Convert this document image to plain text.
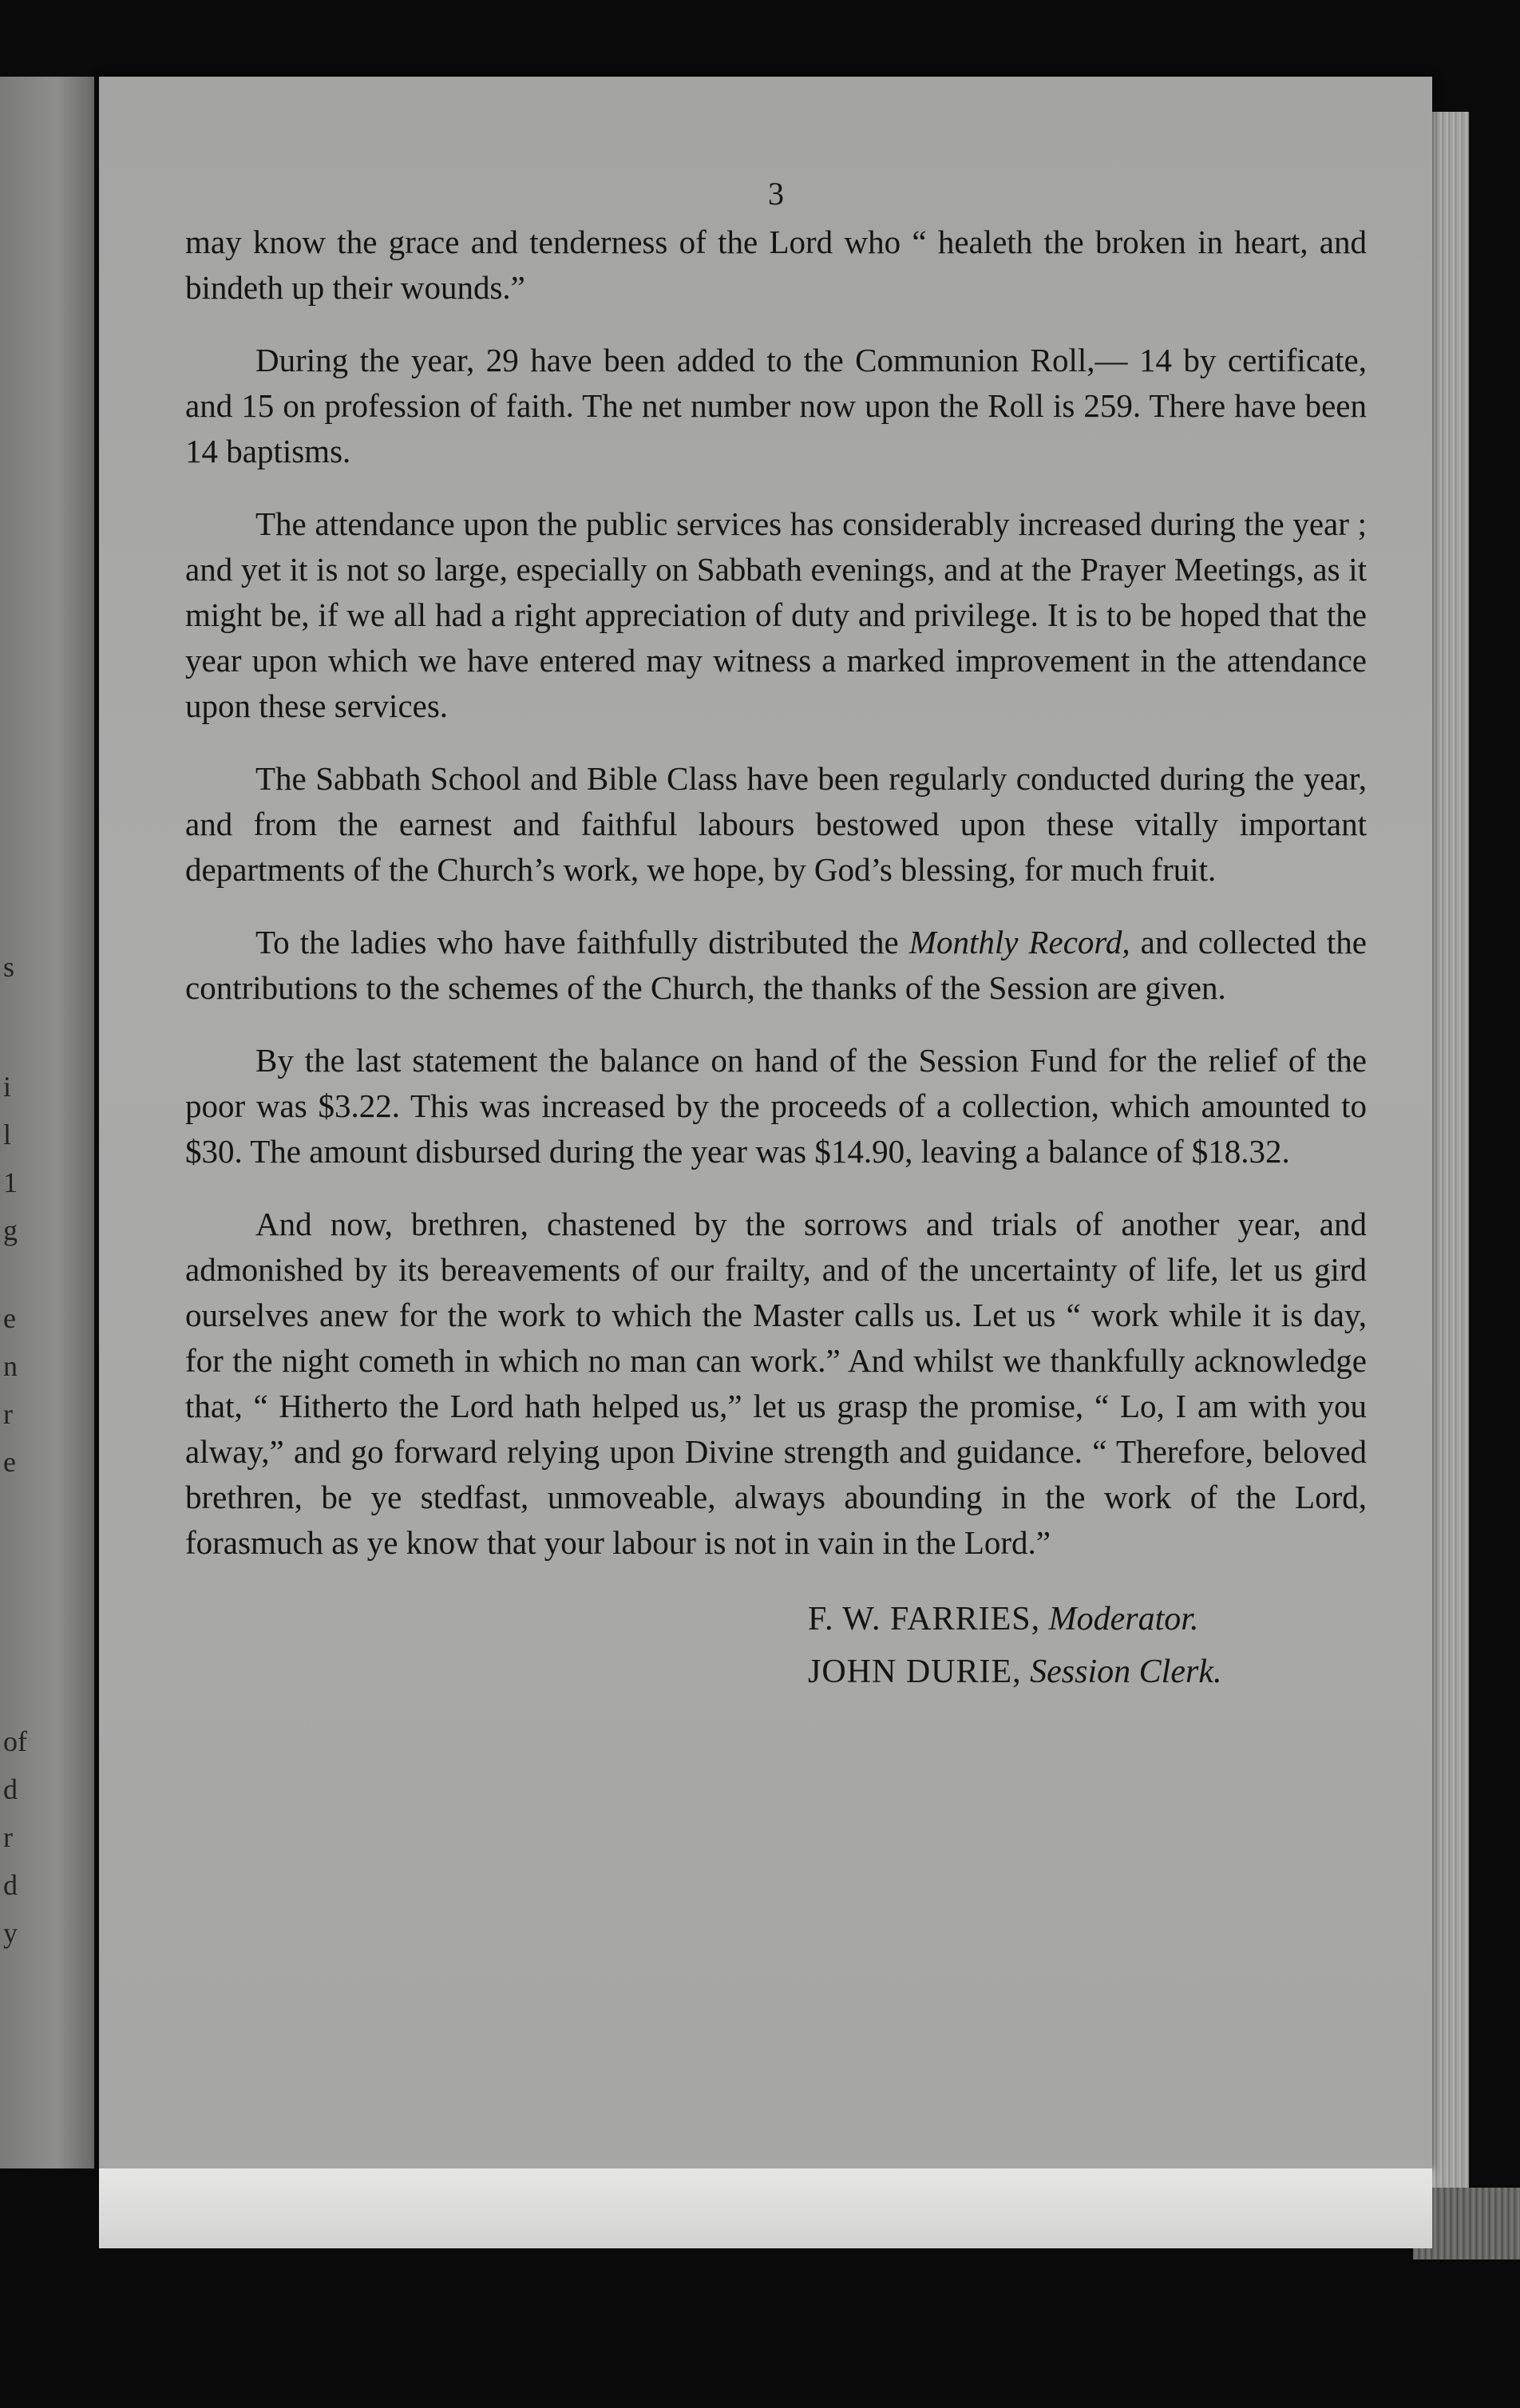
s
i
l
1
g
e
n
r
e
of
d
r
d
y
3

may know the grace and tenderness of the Lord who “ healeth the broken in heart, and bindeth up their wounds.”

During the year, 29 have been added to the Communion Roll,— 14 by certificate, and 15 on profession of faith. The net number now upon the Roll is 259. There have been 14 baptisms.

The attendance upon the public services has considerably increased during the year ; and yet it is not so large, especially on Sabbath evenings, and at the Prayer Meetings, as it might be, if we all had a right appreciation of duty and privilege. It is to be hoped that the year upon which we have entered may witness a marked improvement in the attendance upon these services.

The Sabbath School and Bible Class have been regularly conducted during the year, and from the earnest and faithful labours bestowed upon these vitally important departments of the Church’s work, we hope, by God’s blessing, for much fruit.

To the ladies who have faithfully distributed the Monthly Record, and collected the contributions to the schemes of the Church, the thanks of the Session are given.

By the last statement the balance on hand of the Session Fund for the relief of the poor was $3.22. This was increased by the proceeds of a collection, which amounted to $30. The amount disbursed during the year was $14.90, leaving a balance of $18.32.

And now, brethren, chastened by the sorrows and trials of another year, and admonished by its bereavements of our frailty, and of the uncertainty of life, let us gird ourselves anew for the work to which the Master calls us. Let us “ work while it is day, for the night cometh in which no man can work.” And whilst we thankfully acknowledge that, “ Hitherto the Lord hath helped us,” let us grasp the promise, “ Lo, I am with you alway,” and go forward relying upon Divine strength and guidance. “ Therefore, beloved brethren, be ye stedfast, unmoveable, always abounding in the work of the Lord, forasmuch as ye know that your labour is not in vain in the Lord.”

F. W. FARRIES, Moderator.
JOHN DURIE, Session Clerk.
